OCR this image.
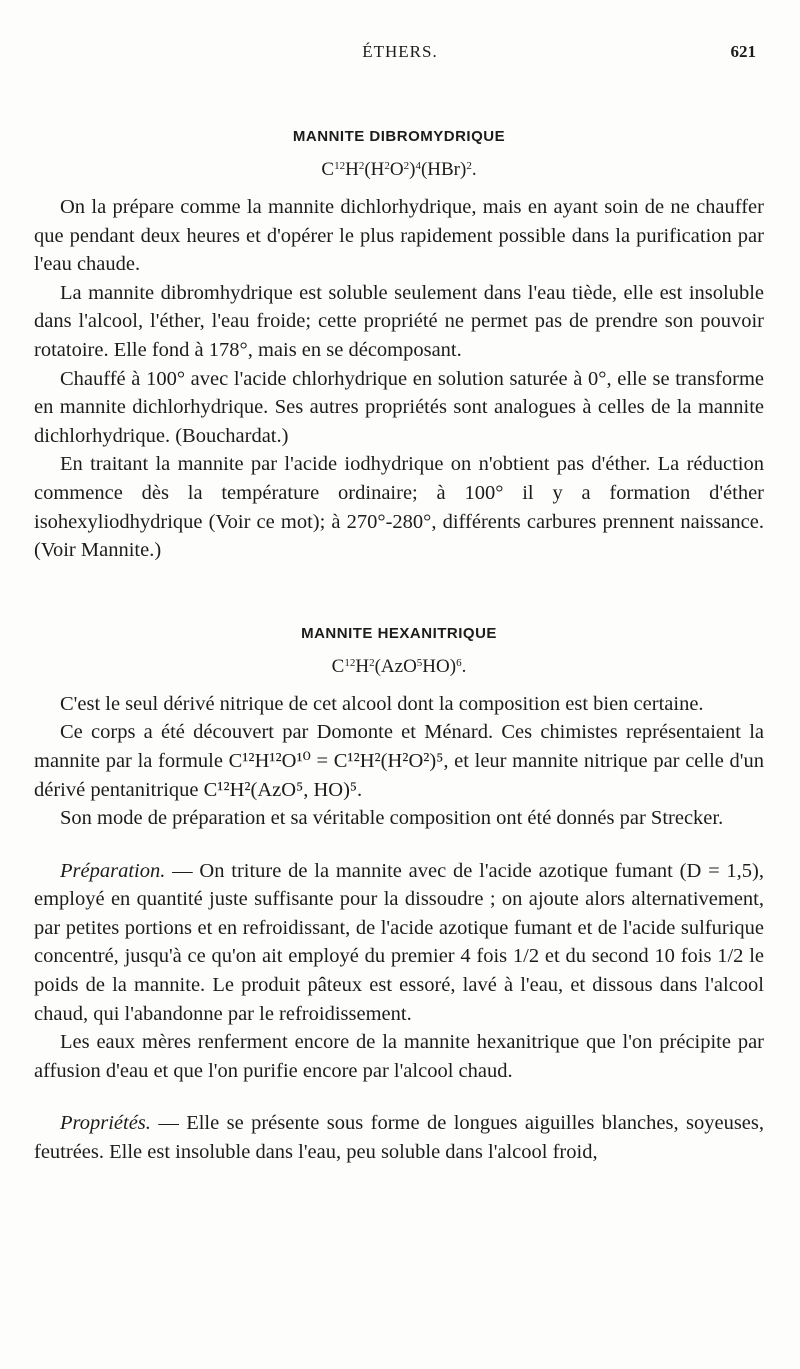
ÉTHERS.	621
MANNITE DIBROMYDRIQUE
$C^{12}H^2(H^2O^2)^4(HBr)^2$.

On la prépare comme la mannite dichlorhydrique, mais en ayant soin de ne chauffer que pendant deux heures et d'opérer le plus rapidement possible dans la purification par l'eau chaude.

La mannite dibromhydrique est soluble seulement dans l'eau tiède, elle est insoluble dans l'alcool, l'éther, l'eau froide; cette propriété ne permet pas de prendre son pouvoir rotatoire. Elle fond à 178°, mais en se décomposant.

Chauffé à 100° avec l'acide chlorhydrique en solution saturée à 0°, elle se transforme en mannite dichlorhydrique. Ses autres propriétés sont analogues à celles de la mannite dichlorhydrique. (Bouchardat.)

En traitant la mannite par l'acide iodhydrique on n'obtient pas d'éther. La réduction commence dès la température ordinaire; à 100° il y a formation d'éther isohexyliodhydrique (Voir ce mot); à 270°-280°, différents carbures prennent naissance. (Voir Mannite.)

MANNITE HEXANITRIQUE
$C^{12}H^2(AzO^5HO)^6$.

C'est le seul dérivé nitrique de cet alcool dont la composition est bien certaine.

Ce corps a été découvert par Domonte et Ménard. Ces chimistes représentaient la mannite par la formule C¹²H¹²O¹⁰ = C¹²H²(H²O²)⁵, et leur mannite nitrique par celle d'un dérivé pentanitrique C¹²H²(AzO⁵, HO)⁵.

Son mode de préparation et sa véritable composition ont été donnés par Strecker.

Préparation. — On triture de la mannite avec de l'acide azotique fumant (D = 1,5), employé en quantité juste suffisante pour la dissoudre ; on ajoute alors alternativement, par petites portions et en refroidissant, de l'acide azotique fumant et de l'acide sulfurique concentré, jusqu'à ce qu'on ait employé du premier 4 fois 1/2 et du second 10 fois 1/2 le poids de la mannite. Le produit pâteux est essoré, lavé à l'eau, et dissous dans l'alcool chaud, qui l'abandonne par le refroidissement.

Les eaux mères renferment encore de la mannite hexanitrique que l'on précipite par affusion d'eau et que l'on purifie encore par l'alcool chaud.

Propriétés. — Elle se présente sous forme de longues aiguilles blanches, soyeuses, feutrées. Elle est insoluble dans l'eau, peu soluble dans l'alcool froid,
